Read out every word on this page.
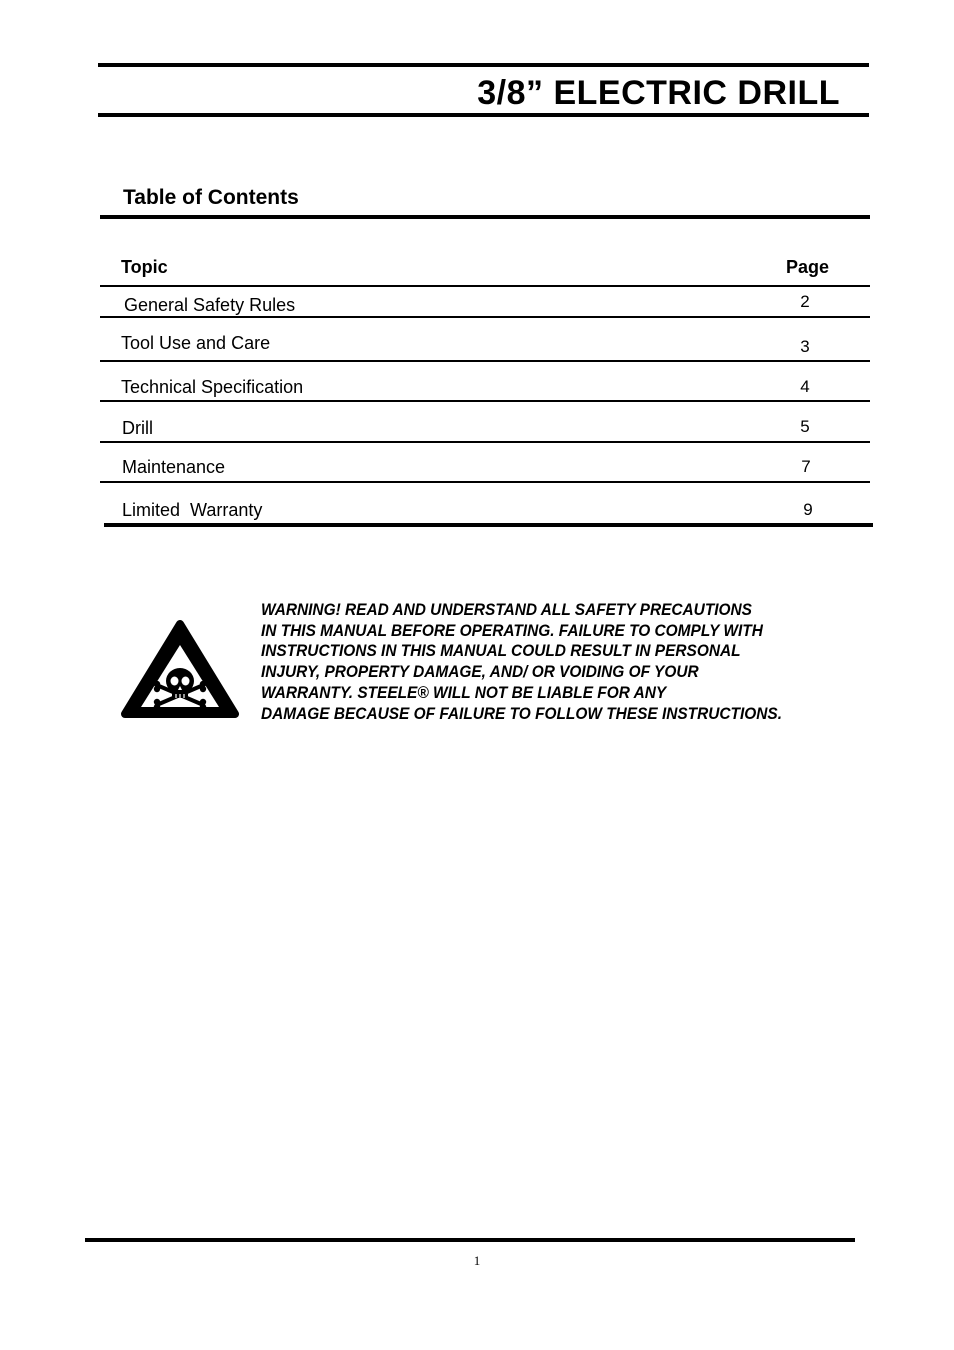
3/8” ELECTRIC DRILL
Table of Contents
Topic	Page
General Safety Rules	2
Tool Use and Care	3
Technical Specification	4
Drill	5
Maintenance	7
Limited  Warranty	9
WARNING! READ AND UNDERSTAND ALL SAFETY PRECAUTIONS
IN THIS MANUAL BEFORE OPERATING. FAILURE TO COMPLY WITH
INSTRUCTIONS IN THIS MANUAL COULD RESULT IN PERSONAL
INJURY, PROPERTY DAMAGE, AND/ OR VOIDING OF YOUR
WARRANTY. STEELE® WILL NOT BE LIABLE FOR ANY
DAMAGE BECAUSE OF FAILURE TO FOLLOW THESE INSTRUCTIONS.
1
